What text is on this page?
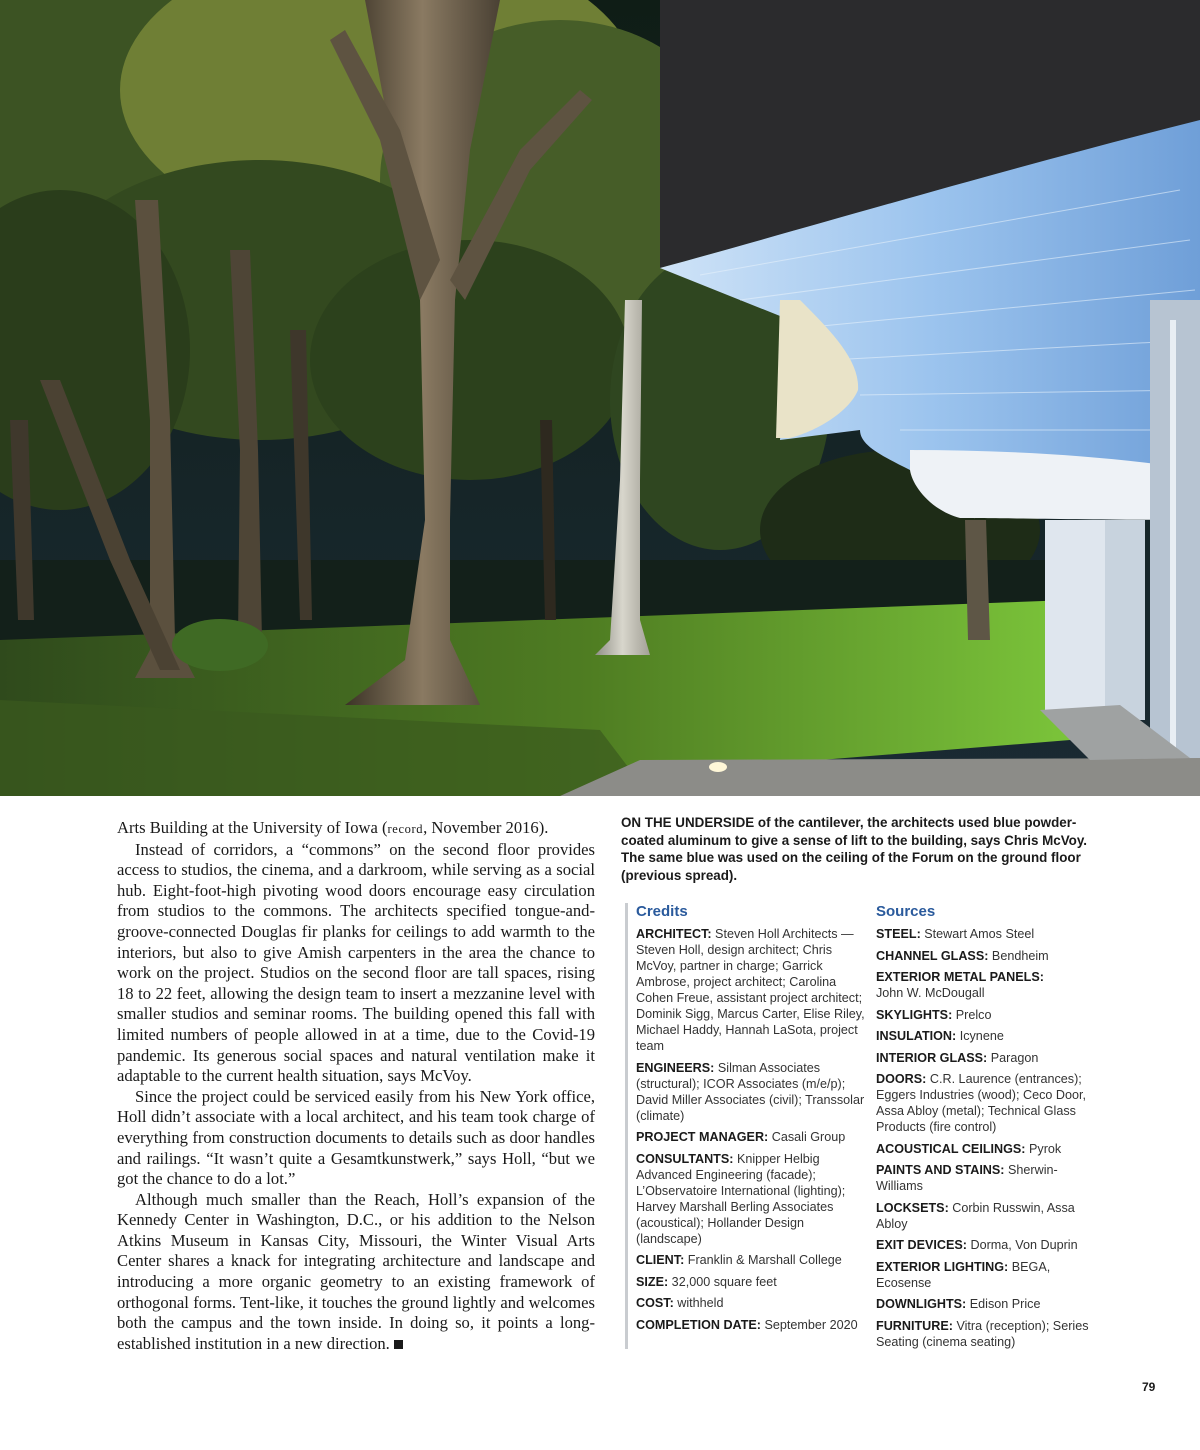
Arts Building at the University of Iowa (record, November 2016).

Instead of corridors, a “commons” on the second floor provides access to studios, the cinema, and a darkroom, while serving as a social hub. Eight-foot-high pivoting wood doors encourage easy circulation from studios to the commons. The architects specified tongue-and-groove-connected Douglas fir planks for ceilings to add warmth to the interiors, but also to give Amish carpenters in the area the chance to work on the project. Studios on the second floor are tall spaces, rising 18 to 22 feet, allowing the design team to insert a mezzanine level with smaller studios and seminar rooms. The building opened this fall with limited numbers of people allowed in at a time, due to the Covid-19 pandemic. Its generous social spaces and natural ventilation make it adaptable to the current health situation, says McVoy.

Since the project could be serviced easily from his New York office, Holl didn’t associate with a local architect, and his team took charge of everything from construction documents to details such as door handles and railings. “It wasn’t quite a Gesamtkunstwerk,” says Holl, “but we got the chance to do a lot.”

Although much smaller than the Reach, Holl’s expansion of the Kennedy Center in Washington, D.C., or his addition to the Nelson Atkins Museum in Kansas City, Missouri, the Winter Visual Arts Center shares a knack for integrating architecture and landscape and introducing a more organic geometry to an existing framework of orthogonal forms. Tent-like, it touches the ground lightly and welcomes both the campus and the town inside. In doing so, it points a long-established institution in a new direction.

ON THE UNDERSIDE of the cantilever, the architects used blue powder-coated aluminum to give a sense of lift to the building, says Chris McVoy. The same blue was used on the ceiling of the Forum on the ground floor (previous spread).
Credits
ARCHITECT: Steven Holl Architects — Steven Holl, design architect; Chris McVoy, partner in charge; Garrick Ambrose, project architect; Carolina Cohen Freue, assistant project architect; Dominik Sigg, Marcus Carter, Elise Riley, Michael Haddy, Hannah LaSota, project team
ENGINEERS: Silman Associates (structural); ICOR Associates (m/e/p); David Miller Associates (civil); Transsolar (climate)
PROJECT MANAGER: Casali Group
CONSULTANTS: Knipper Helbig Advanced Engineering (facade); L’Observatoire International (lighting); Harvey Marshall Berling Associates (acoustical); Hollander Design (landscape)
CLIENT: Franklin & Marshall College
SIZE: 32,000 square feet
COST: withheld
COMPLETION DATE: September 2020
Sources
STEEL: Stewart Amos Steel
CHANNEL GLASS: Bendheim
EXTERIOR METAL PANELS:
John W. McDougall
SKYLIGHTS: Prelco
INSULATION: Icynene
INTERIOR GLASS: Paragon
DOORS: C.R. Laurence (entrances); Eggers Industries (wood); Ceco Door, Assa Abloy (metal); Technical Glass Products (fire control)
ACOUSTICAL CEILINGS: Pyrok
PAINTS AND STAINS: Sherwin-Williams
LOCKSETS: Corbin Russwin, Assa Abloy
EXIT DEVICES: Dorma, Von Duprin
EXTERIOR LIGHTING: BEGA, Ecosense
DOWNLIGHTS: Edison Price
FURNITURE: Vitra (reception); Series Seating (cinema seating)
79
